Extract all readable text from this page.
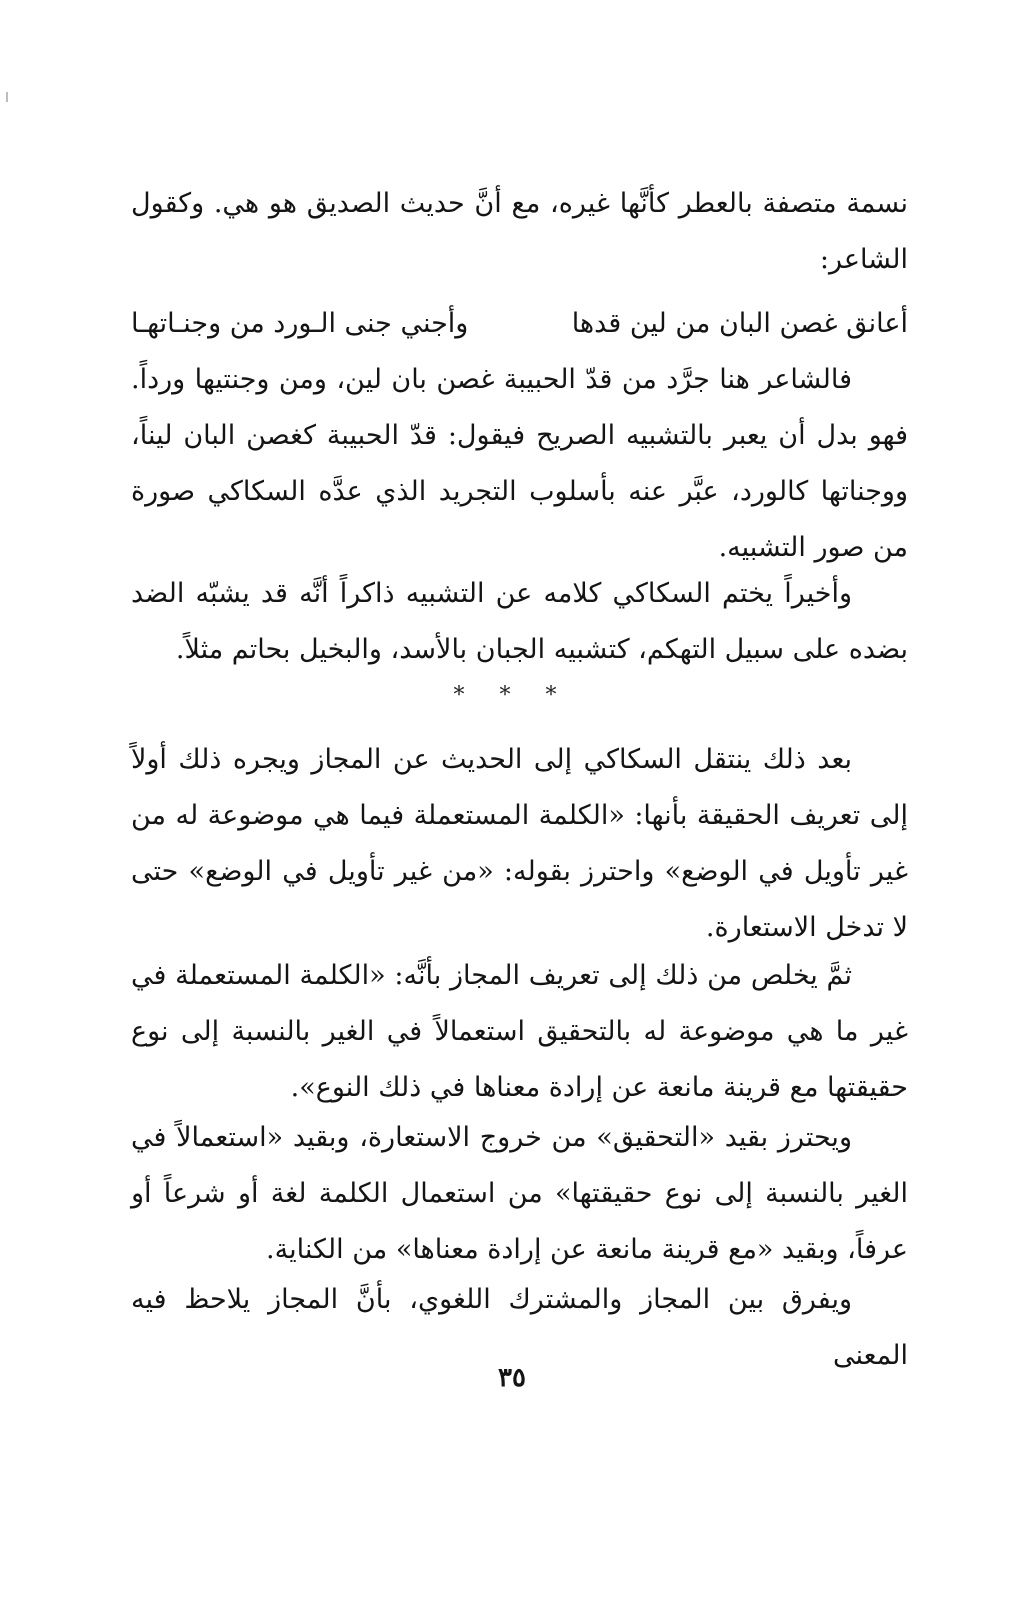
نسمة متصفة بالعطر كأنَّها غيره، مع أنَّ حديث الصديق هو هي. وكقول الشاعر:

أعانق غصن البان من لين قدها
وأجني جنى الـورد من وجنـاتهـا

فالشاعر هنا جرَّد من قدّ الحبيبة غصن بان لين، ومن وجنتيها ورداً. فهو بدل أن يعبر بالتشبيه الصريح فيقول: قدّ الحبيبة كغصن البان ليناً، ووجناتها كالورد، عبَّر عنه بأسلوب التجريد الذي عدَّه السكاكي صورة من صور التشبيه.

وأخيراً يختم السكاكي كلامه عن التشبيه ذاكراً أنَّه قد يشبّه الضد بضده على سبيل التهكم، كتشبيه الجبان بالأسد، والبخيل بحاتم مثلاً.

* * *

بعد ذلك ينتقل السكاكي إلى الحديث عن المجاز ويجره ذلك أولاً إلى تعريف الحقيقة بأنها: «الكلمة المستعملة فيما هي موضوعة له من غير تأويل في الوضع» واحترز بقوله: «من غير تأويل في الوضع» حتى لا تدخل الاستعارة.

ثمَّ يخلص من ذلك إلى تعريف المجاز بأنَّه: «الكلمة المستعملة في غير ما هي موضوعة له بالتحقيق استعمالاً في الغير بالنسبة إلى نوع حقيقتها مع قرينة مانعة عن إرادة معناها في ذلك النوع».

ويحترز بقيد «التحقيق» من خروج الاستعارة، وبقيد «استعمالاً في الغير بالنسبة إلى نوع حقيقتها» من استعمال الكلمة لغة أو شرعاً أو عرفاً، وبقيد «مع قرينة مانعة عن إرادة معناها» من الكناية.

ويفرق بين المجاز والمشترك اللغوي، بأنَّ المجاز يلاحظ فيه المعنى

٣٥
